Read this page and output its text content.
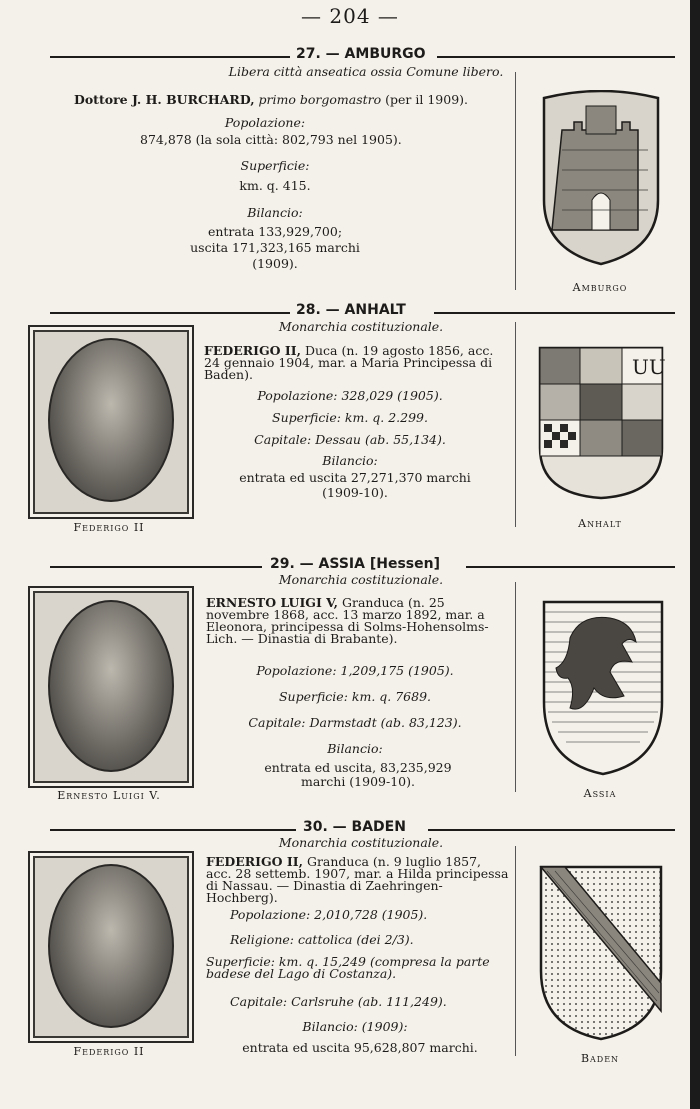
— 204 —
27. — AMBURGO
Libera città anseatica ossia Comune libero.
Dottore J. H. BURCHARD, primo borgomastro (per il 1909).
Popolazione:
874,878 (la sola città: 802,793 nel 1905).
Superficie:
km. q. 415.
Bilancio:
entrata 133,929,700;
uscita 171,323,165 marchi
(1909).
Amburgo
28. — ANHALT
Monarchia costituzionale.
Federigo II
FEDERIGO II, Duca (n. 19 agosto 1856, acc. 24 gennaio 1904, mar. a Maria Principessa di Baden).
Popolazione: 328,029 (1905).
Superficie: km. q. 2.299.
Capitale: Dessau (ab. 55,134).
Bilancio:
entrata ed uscita 27,271,370 marchi
(1909-10).
UU
Anhalt
29. — ASSIA [Hessen]
Monarchia costituzionale.
Ernesto Luigi V.
ERNESTO LUIGI V, Granduca (n. 25 novembre 1868, acc. 13 marzo 1892, mar. a Eleonora, principessa di Solms-Hohensolms-Lich. — Dinastia di Brabante).
Popolazione: 1,209,175 (1905).
Superficie: km. q. 7689.
Capitale: Darmstadt (ab. 83,123).
Bilancio:
entrata ed uscita, 83,235,929
marchi (1909-10).
Assia
30. — BADEN
Monarchia costituzionale.
Federigo II
FEDERIGO II, Granduca (n. 9 luglio 1857, acc. 28 settemb. 1907, mar. a Hilda principessa di Nassau. — Dinastia di Zaehringen-Hochberg).
Popolazione: 2,010,728 (1905).
Religione: cattolica (dei 2/3).
Superficie: km. q. 15,249 (compresa la parte badese del Lago di Costanza).
Capitale: Carlsruhe (ab. 111,249).
Bilancio: (1909):
entrata ed uscita 95,628,807 marchi.
Baden
